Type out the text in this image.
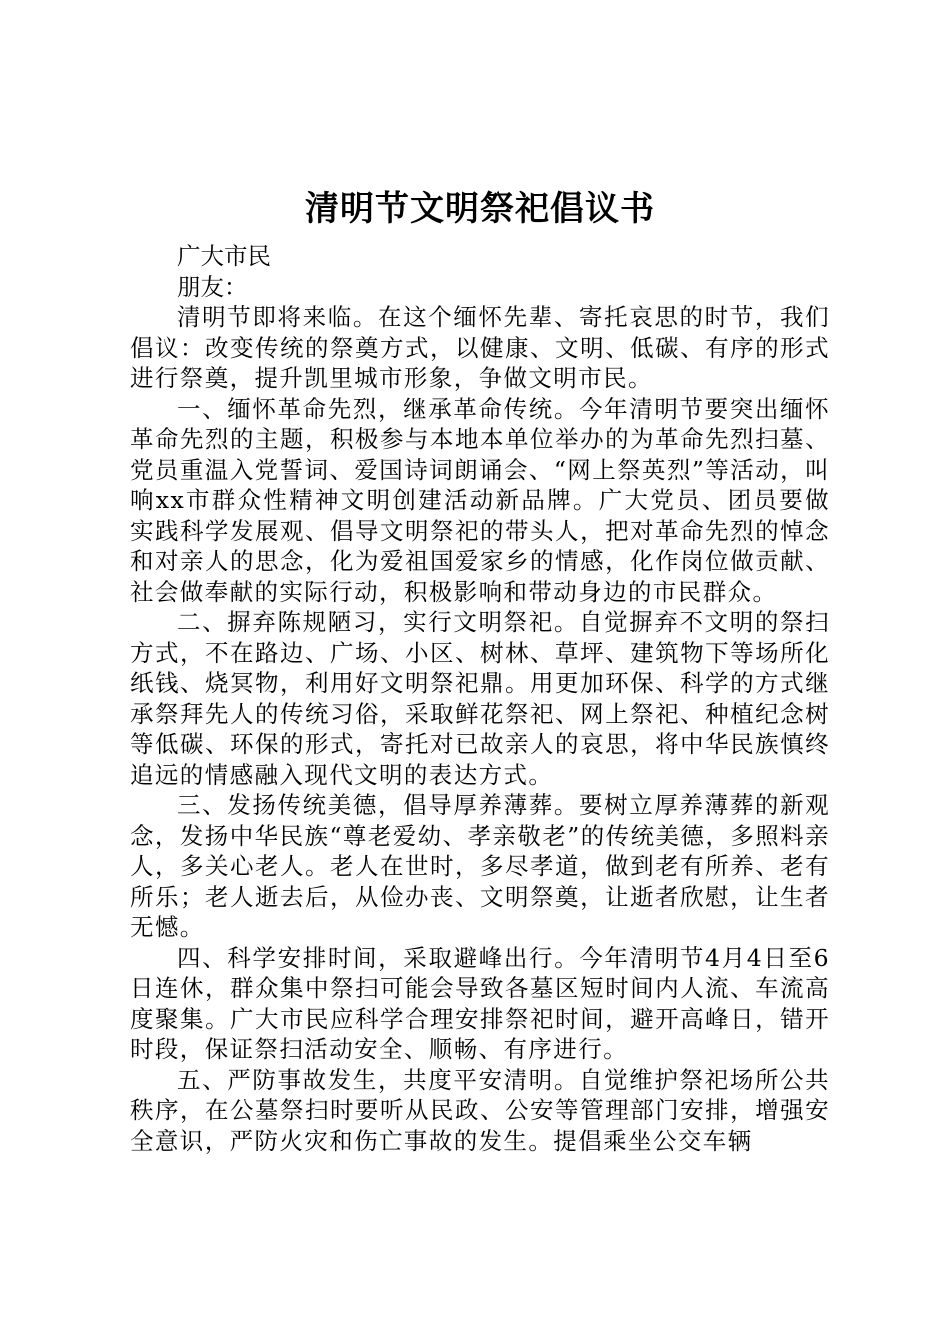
清明节文明祭祀倡议书

广大市民

朋友：

清明节即将来临。在这个缅怀先辈、寄托哀思的时节，我们倡议：改变传统的祭奠方式，以健康、文明、低碳、有序的形式进行祭奠，提升凯里城市形象，争做文明市民。

一、缅怀革命先烈，继承革命传统。今年清明节要突出缅怀革命先烈的主题，积极参与本地本单位举办的为革命先烈扫墓、党员重温入党誓词、爱国诗词朗诵会、“网上祭英烈”等活动，叫响xx市群众性精神文明创建活动新品牌。广大党员、团员要做实践科学发展观、倡导文明祭祀的带头人，把对革命先烈的悼念和对亲人的思念，化为爱祖国爱家乡的情感，化作岗位做贡献、社会做奉献的实际行动，积极影响和带动身边的市民群众。

二、摒弃陈规陋习，实行文明祭祀。自觉摒弃不文明的祭扫方式，不在路边、广场、小区、树林、草坪、建筑物下等场所化纸钱、烧冥物，利用好文明祭祀鼎。用更加环保、科学的方式继承祭拜先人的传统习俗，采取鲜花祭祀、网上祭祀、种植纪念树等低碳、环保的形式，寄托对已故亲人的哀思，将中华民族慎终追远的情感融入现代文明的表达方式。

三、发扬传统美德，倡导厚养薄葬。要树立厚养薄葬的新观念，发扬中华民族“尊老爱幼、孝亲敬老”的传统美德，多照料亲人，多关心老人。老人在世时，多尽孝道，做到老有所养、老有所乐；老人逝去后，从俭办丧、文明祭奠，让逝者欣慰，让生者无憾。

四、科学安排时间，采取避峰出行。今年清明节4月4日至6日连休，群众集中祭扫可能会导致各墓区短时间内人流、车流高度聚集。广大市民应科学合理安排祭祀时间，避开高峰日，错开时段，保证祭扫活动安全、顺畅、有序进行。

五、严防事故发生，共度平安清明。自觉维护祭祀场所公共秩序，在公墓祭扫时要听从民政、公安等管理部门安排，增强安全意识，严防火灾和伤亡事故的发生。提倡乘坐公交车辆
